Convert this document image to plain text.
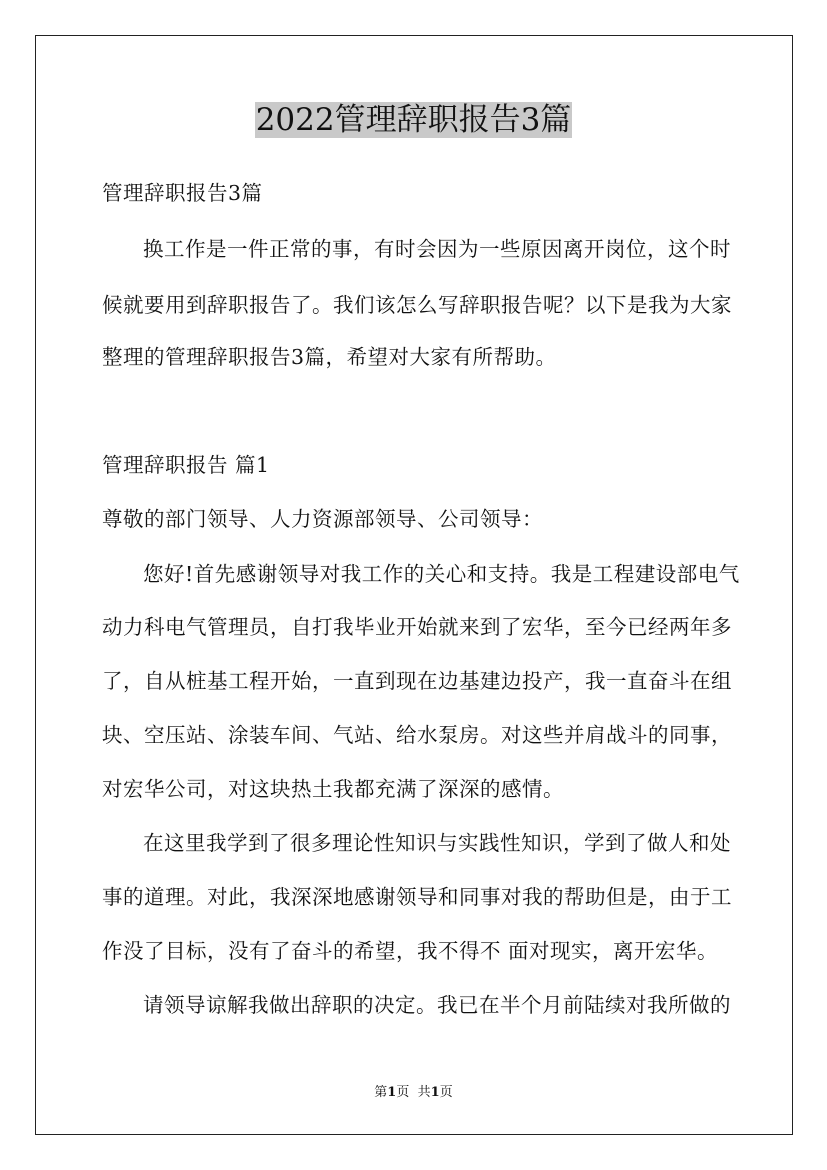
2022管理辞职报告3篇
管理辞职报告3篇
换工作是一件正常的事，有时会因为一些原因离开岗位，这个时
候就要用到辞职报告了。我们该怎么写辞职报告呢？以下是我为大家
整理的管理辞职报告3篇，希望对大家有所帮助。
管理辞职报告 篇1
尊敬的部门领导、人力资源部领导、公司领导：
您好!首先感谢领导对我工作的关心和支持。我是工程建设部电气
动力科电气管理员，自打我毕业开始就来到了宏华，至今已经两年多
了，自从桩基工程开始，一直到现在边基建边投产，我一直奋斗在组
块、空压站、涂装车间、气站、给水泵房。对这些并肩战斗的同事，
对宏华公司，对这块热土我都充满了深深的感情。
在这里我学到了很多理论性知识与实践性知识，学到了做人和处
事的道理。对此，我深深地感谢领导和同事对我的帮助但是，由于工
作没了目标，没有了奋斗的希望，我不得不 面对现实，离开宏华。
请领导谅解我做出辞职的决定。我已在半个月前陆续对我所做的
第1页 共1页
